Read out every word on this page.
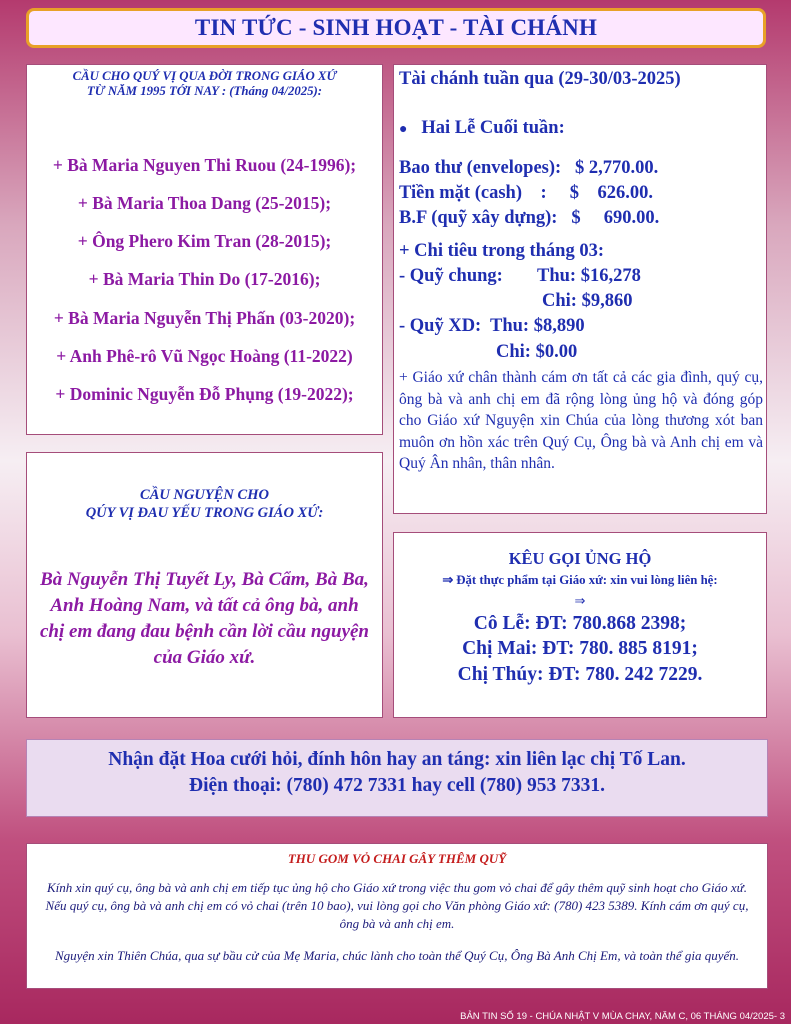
TIN TỨC - SINH HOẠT - TÀI CHÁNH
CẦU CHO QUÝ VỊ QUA ĐỜI TRONG GIÁO XỨ
TỪ NĂM 1995 TỚI NAY : (Tháng 04/2025):
+ Bà Maria Nguyen Thi Ruou (24-1996);
+ Bà Maria Thoa Dang (25-2015);
+ Ông Phero Kim Tran (28-2015);
+ Bà Maria Thin Do (17-2016);
+ Bà Maria Nguyễn Thị Phấn (03-2020);
+ Anh Phê-rô Vũ Ngọc Hoàng (11-2022)
+ Dominic Nguyễn Đỗ Phụng (19-2022);
Tài chánh tuần qua (29-30/03-2025)
● Hai Lễ Cuối tuần:
Bao thư (envelopes):   $ 2,770.00.
Tiền mặt (cash)    :     $    626.00.
B.F (quỹ xây dựng):   $     690.00.
+ Chi tiêu trong tháng 03:
- Quỹ chung: Thu: $16,278
Chi: $9,860
- Quỹ XD: Thu: $8,890
Chi: $0.00
+ Giáo xứ chân thành cám ơn tất cả các gia đình, quý cụ, ông bà và anh chị em đã rộng lòng ủng hộ và đóng góp cho Giáo xứ Nguyện xin Chúa của lòng thương xót ban muôn ơn hồn xác trên Quý Cụ, Ông bà và Anh chị em và Quý Ân nhân, thân nhân.
CẦU NGUYỆN CHO
QÚY VỊ ĐAU YẾU TRONG GIÁO XỨ:
Bà Nguyễn Thị Tuyết Ly, Bà Cẩm, Bà Ba, Anh Hoàng Nam, và tất cả ông bà, anh chị em đang đau bệnh cần lời cầu nguyện của Giáo xứ.
KÊU GỌI ỦNG HỘ
⇒ Đặt thực phẩm tại Giáo xứ: xin vui lòng liên hệ:
⇒
Cô Lễ: ĐT: 780.868 2398;
Chị Mai: ĐT: 780. 885 8191;
Chị Thúy: ĐT: 780. 242 7229.
Nhận đặt Hoa cưới hỏi, đính hôn hay an táng: xin liên lạc chị Tố Lan.
Điện thoại: (780) 472 7331 hay cell (780) 953 7331.
THU GOM VỎ CHAI GÂY THÊM QUỸ
Kính xin quý cụ, ông bà và anh chị em tiếp tục ủng hộ cho Giáo xứ trong việc thu gom vỏ chai để gây thêm quỹ sinh hoạt cho Giáo xứ. Nếu quý cụ, ông bà và anh chị em có vỏ chai (trên 10 bao), vui lòng gọi cho Văn phòng Giáo xứ: (780) 423 5389. Kính cám ơn quý cụ, ông bà và anh chị em.
Nguyện xin Thiên Chúa, qua sự bầu cử của Mẹ Maria, chúc lành cho toàn thể Quý Cụ, Ông Bà Anh Chị Em, và toàn thể gia quyến.
BẢN TIN SỐ 19 - CHÚA NHẬT V MÙA CHAY, NĂM C, 06 THÁNG 04/2025- 3
